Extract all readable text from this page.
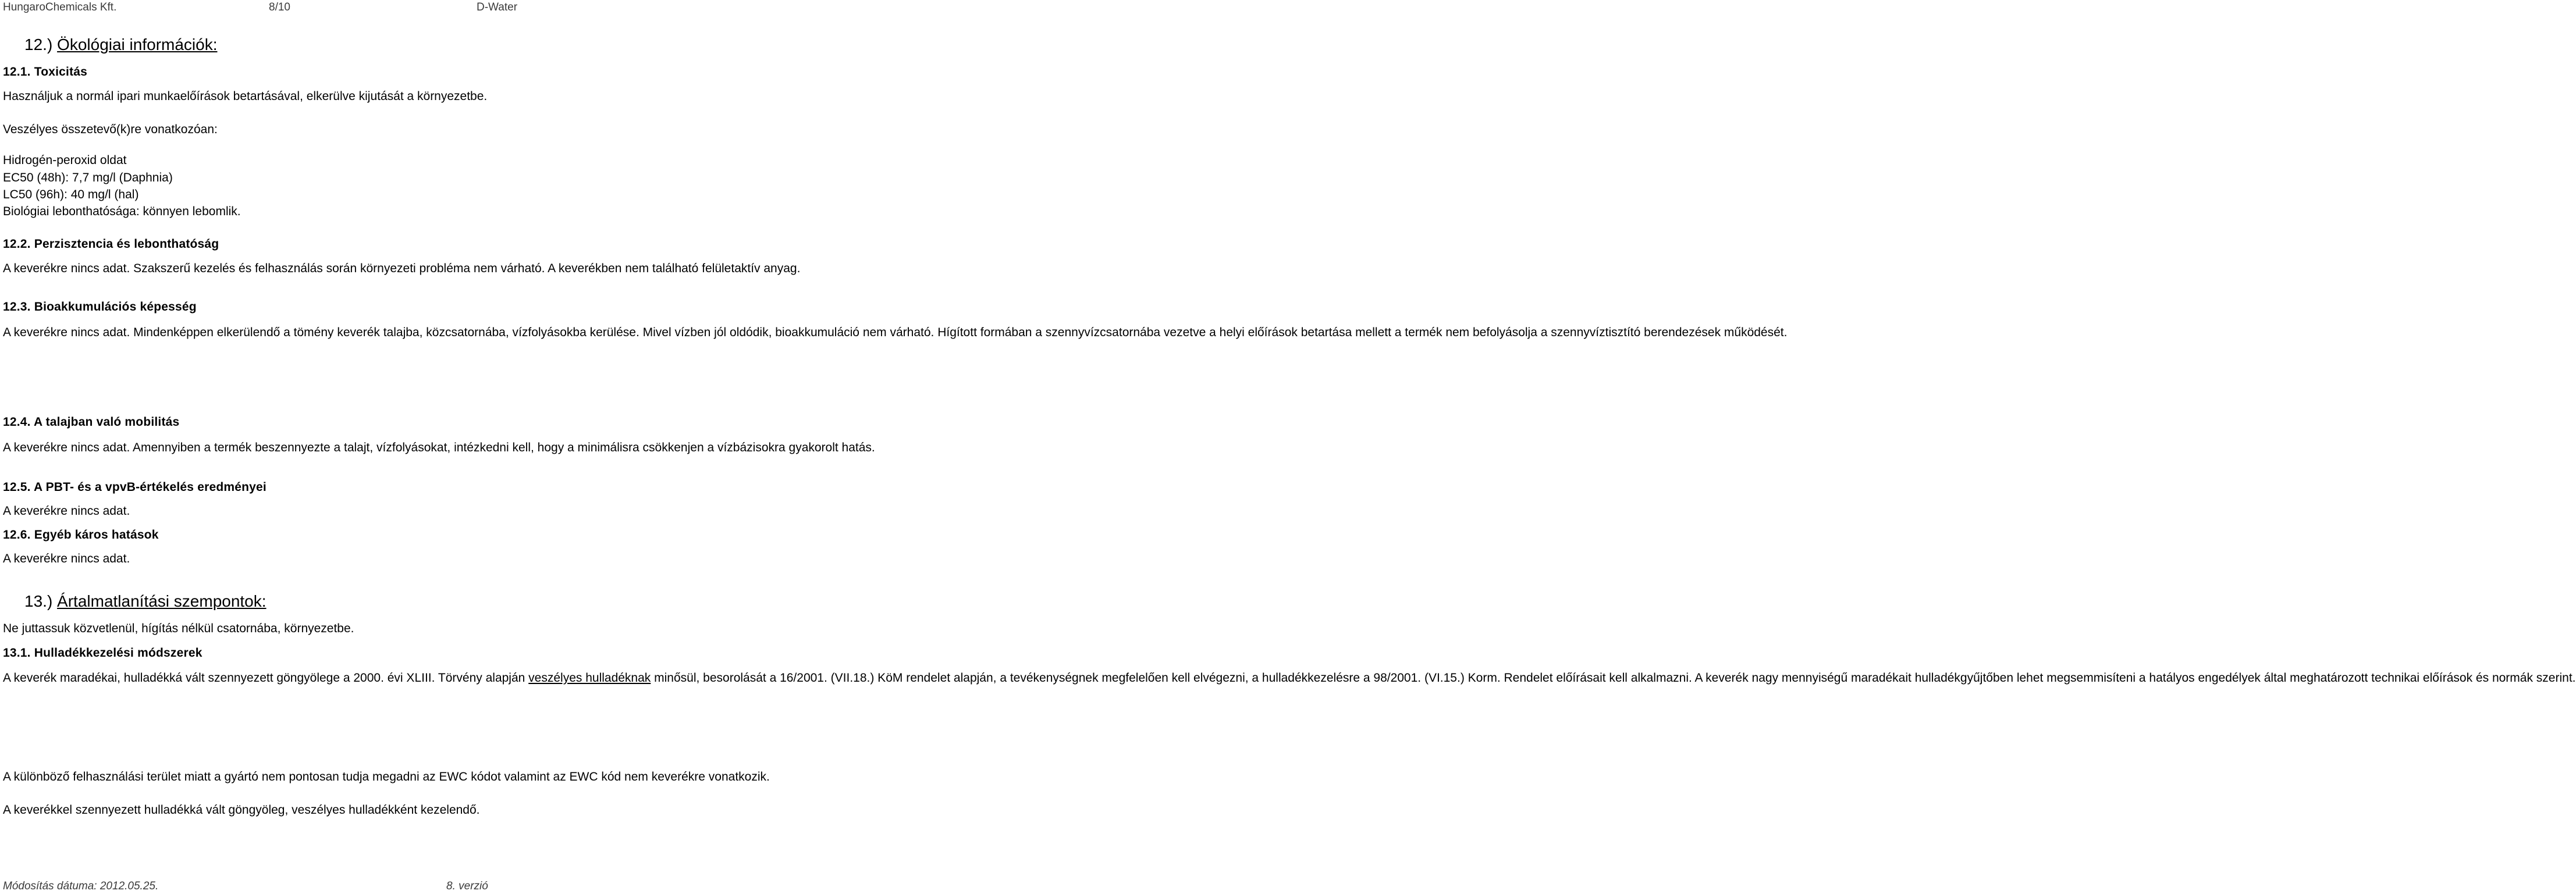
HungaroChemicals Kft.	8/10	D-Water
12.) Ökológiai információk:
12.1. Toxicitás
Használjuk a normál ipari munkaelőírások betartásával, elkerülve kijutását a környezetbe.
Veszélyes összetevő(k)re vonatkozóan:
Hidrogén-peroxid oldat
EC50 (48h): 7,7 mg/l (Daphnia)
LC50 (96h): 40 mg/l (hal)
Biológiai lebonthatósága: könnyen lebomlik.
12.2. Perzisztencia és lebonthatóság
A keverékre nincs adat. Szakszerű kezelés és felhasználás során környezeti probléma nem várható. A keverékben nem található felületaktív anyag.
12.3. Bioakkumulációs képesség
A keverékre nincs adat. Mindenképpen elkerülendő a tömény keverék talajba, közcsatornába, vízfolyásokba kerülése. Mivel vízben jól oldódik, bioakkumuláció nem várható. Hígított formában a szennyvízcsatornába vezetve a helyi előírások betartása mellett a termék nem befolyásolja a szennyvíztisztító berendezések működését.
12.4. A talajban való mobilitás
A keverékre nincs adat. Amennyiben a termék beszennyezte a talajt, vízfolyásokat, intézkedni kell, hogy a minimálisra csökkenjen a vízbázisokra gyakorolt hatás.
12.5. A PBT- és a vpvB-értékelés eredményei
A keverékre nincs adat.
12.6. Egyéb káros hatások
A keverékre nincs adat.
13.) Ártalmatlanítási szempontok:
Ne juttassuk közvetlenül, hígítás nélkül csatornába, környezetbe.
13.1. Hulladékkezelési módszerek
A keverék maradékai, hulladékká vált szennyezett göngyölege a 2000. évi XLIII. Törvény alapján veszélyes hulladéknak minősül, besorolását a 16/2001. (VII.18.) KöM rendelet alapján, a tevékenységnek megfelelően kell elvégezni, a hulladékkezelésre a 98/2001. (VI.15.) Korm. Rendelet előírásait kell alkalmazni. A keverék nagy mennyiségű maradékait hulladékgyűjtőben lehet megsemmisíteni a hatályos engedélyek által meghatározott technikai előírások és normák szerint.
A különböző felhasználási terület miatt a gyártó nem pontosan tudja megadni az EWC kódot valamint az EWC kód nem keverékre vonatkozik.
A keverékkel szennyezett hulladékká vált göngyöleg, veszélyes hulladékként kezelendő.
Módosítás dátuma: 2012.05.25.	8. verzió
